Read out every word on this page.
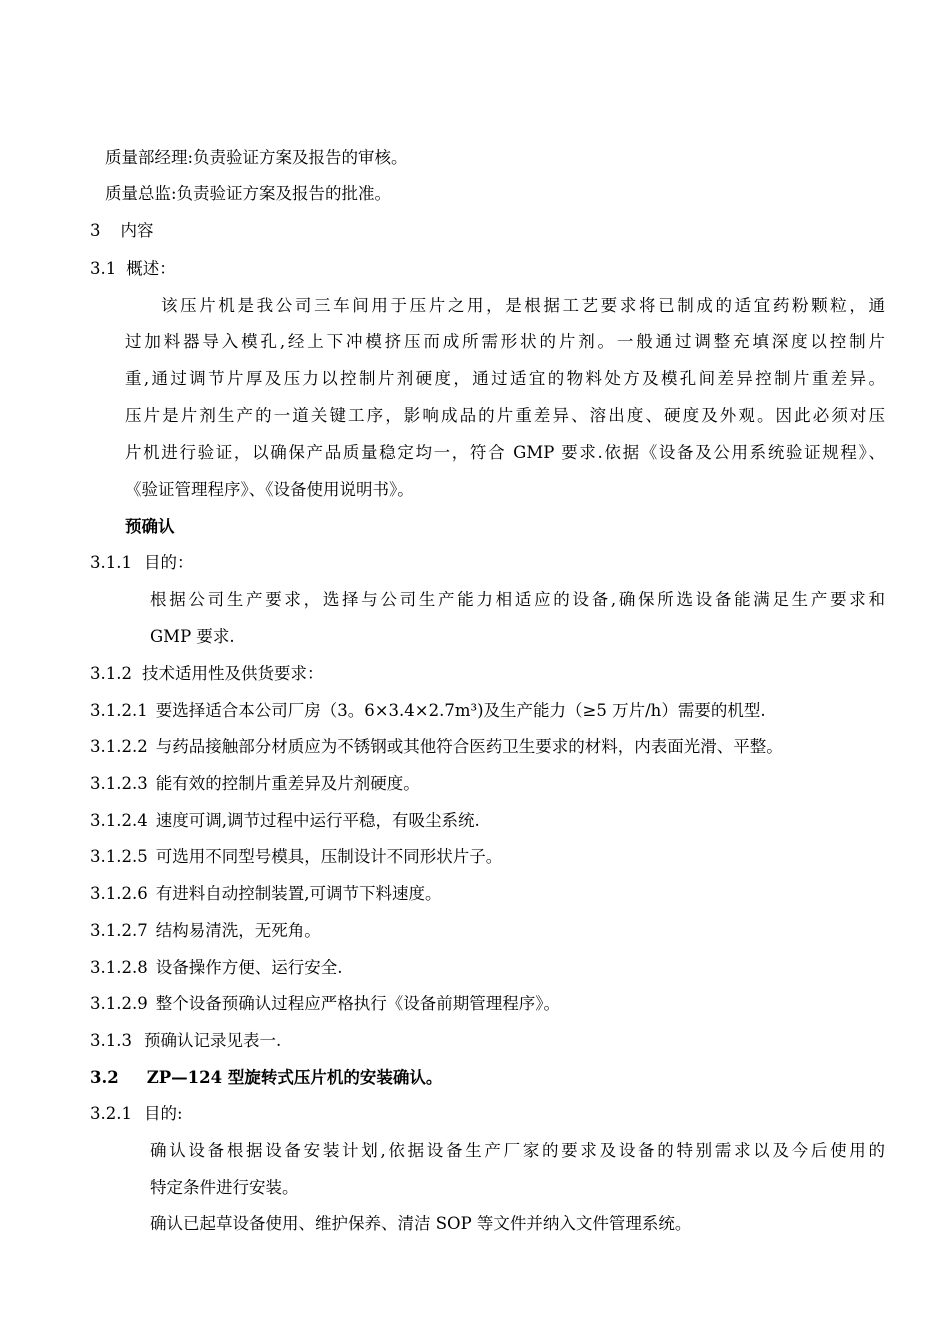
质量部经理:负责验证方案及报告的审核。
质量总监:负责验证方案及报告的批准。
3 内容
3.1 概述：
该压片机是我公司三车间用于压片之用，是根据工艺要求将已制成的适宜药粉颗粒，通
过加料器导入模孔,经上下冲模挤压而成所需形状的片剂。一般通过调整充填深度以控制片
重,通过调节片厚及压力以控制片剂硬度，通过适宜的物料处方及模孔间差异控制片重差异。
压片是片剂生产的一道关键工序，影响成品的片重差异、溶出度、硬度及外观。因此必须对压
片机进行验证，以确保产品质量稳定均一，符合 GMP 要求.依据《设备及公用系统验证规程》、
《验证管理程序》、《设备使用说明书》。
预确认
3.1.1 目的：
根据公司生产要求，选择与公司生产能力相适应的设备,确保所选设备能满足生产要求和
GMP 要求.
3.1.2 技术适用性及供货要求：
3.1.2.1 要选择适合本公司厂房（3。6×3.4×2.7m³)及生产能力（≥5 万片/h）需要的机型.
3.1.2.2 与药品接触部分材质应为不锈钢或其他符合医药卫生要求的材料，内表面光滑、平整。
3.1.2.3 能有效的控制片重差异及片剂硬度。
3.1.2.4 速度可调,调节过程中运行平稳，有吸尘系统.
3.1.2.5 可选用不同型号模具，压制设计不同形状片子。
3.1.2.6 有进料自动控制装置,可调节下料速度。
3.1.2.7 结构易清洗，无死角。
3.1.2.8 设备操作方便、运行安全.
3.1.2.9 整个设备预确认过程应严格执行《设备前期管理程序》。
3.1.3 预确认记录见表一.
3.2 ZP—124 型旋转式压片机的安装确认。
3.2.1 目的:
确认设备根据设备安装计划,依据设备生产厂家的要求及设备的特别需求以及今后使用的
特定条件进行安装。
确认已起草设备使用、维护保养、清洁 SOP 等文件并纳入文件管理系统。
